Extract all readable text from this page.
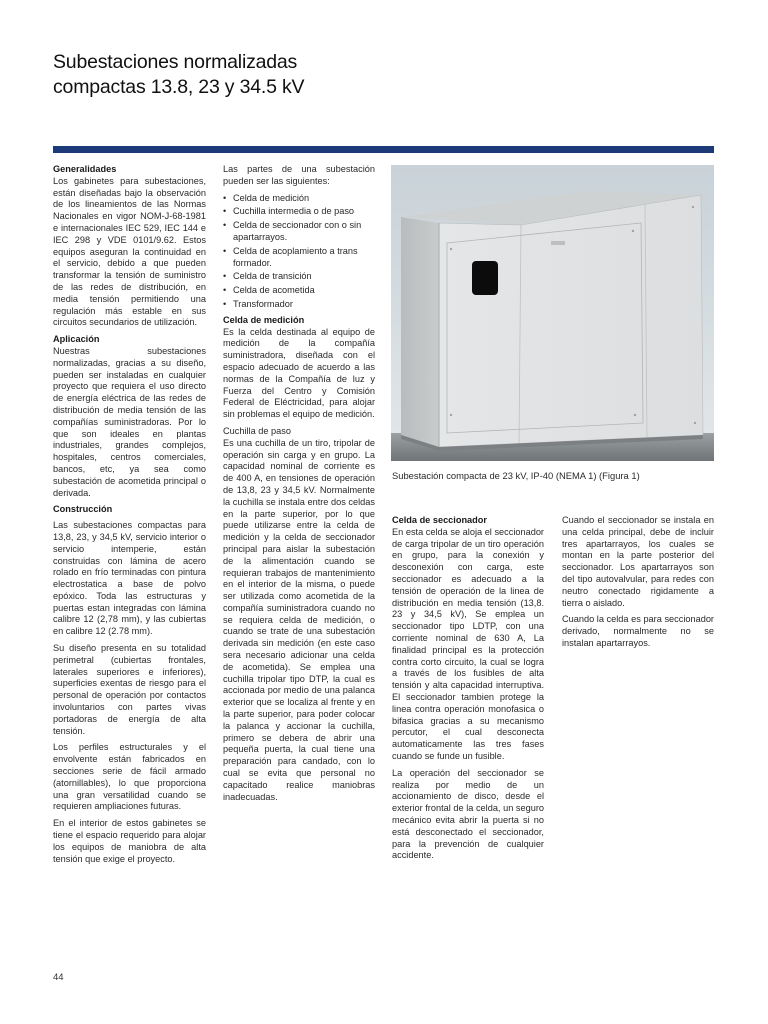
Subestaciones normalizadas
compactas 13.8, 23 y 34.5 kV
Generalidades

Los gabinetes para subestaciones, están diseñadas bajo la observación de los lineamientos de las Normas Nacionales en vigor NOM-J-68-1981 e internacionales IEC 529, IEC 144 e IEC 298 y VDE 0101/9.62. Estos equipos aseguran la continuidad en el servicio, debido a que pueden transformar la tensión de suministro de las redes de distribución, en media tensión permitiendo una regulación más estable en sus circuitos secundarios de utilización.

Aplicación

Nuestras subestaciones normalizadas, gracias a su diseño, pueden ser instaladas en cualquier proyecto que requiera el uso directo de energía eléctrica de las redes de distribución de media tensión de las compañías suministradoras. Por lo que son ideales en plantas industriales, grandes complejos, hospitales, centros comerciales, bancos, etc, ya sea como subestación de acometida principal o derivada.

Construcción

Las subestaciones compactas para 13,8, 23, y 34,5 kV, servicio interior o servicio intemperie, están construidas con lámina de acero rolado en frío terminadas con pintura electrostatica a base de polvo epóxico. Toda las estructuras y puertas estan integradas con lámina calibre 12 (2,78 mm), y las cubiertas en calibre 12 (2.78 mm).

Su diseño presenta en su totalidad perimetral (cubiertas frontales, laterales superiores e inferiores), superficies exentas de riesgo para el personal de operación por contactos involuntarios con partes vivas portadoras de energía de alta tensión.

Los perfiles estructurales y el envolvente están fabricados en secciones serie de fácil armado (atornillables), lo que proporciona una gran versatilidad cuando se requieren ampliaciones futuras.

En el interior de estos gabinetes se tiene el espacio requerido para alojar los equipos de maniobra de alta tensión que exige el proyecto.

Las partes de una subestación pueden ser las siguientes:

• Celda de medición
• Cuchilla intermedia o de paso
• Celda de seccionador con o sin apartarrayos.
• Celda de acoplamiento a trans formador.
• Celda de transición
• Celda de acometida
• Transformador
Celda de medición

Es la celda destinada al equipo de medición de la compañía suministradora, diseñada con el espacio adecuado de acuerdo a las normas de la Compañía de luz y Fuerza del Centro y Comisión Federal de Eléctricidad, para alojar sin problemas el equipo de medición.

Cuchilla de paso

Es una cuchilla de un tiro, tripolar de operación sin carga y en grupo. La capacidad nominal de corriente es de 400 A, en tensiones de operación de 13,8, 23 y 34,5 kV. Normalmente la cuchilla se instala entre dos celdas en la parte superior, por lo que puede utilizarse entre la celda de medición y la celda de seccionador principal para aislar la subestación de la alimentación cuando se requieran trabajos de mantenimiento en el interior de la misma, o puede ser utilizada como acometida de la compañía suministradora cuando no se requiera celda de medición, o cuando se trate de una subestación derivada sin medición (en este caso sera necesario adicionar una celda de acometida). Se emplea una cuchilla tripolar tipo DTP, la cual es accionada por medio de una palanca exterior que se localiza al frente y en la parte superior, para poder colocar la palanca y accionar la cuchilla, primero se debera de abrir una pequeña puerta, la cual tiene una preparación para candado, con lo cual se evita que personal no capacitado realice maniobras inadecuadas.

Subestación compacta de 23 kV, IP-40 (NEMA 1) (Figura 1)
Celda de seccionador

En esta celda se aloja el seccionador de carga tripolar de un tiro operación en grupo, para la conexión y desconexión con carga, este seccionador es adecuado a la tensión de operación de la linea de distribución en media tensión (13,8. 23 y 34,5 kV), Se emplea un seccionador tipo LDTP, con una corriente nominal de 630 A, La finalidad principal es la protección contra corto circuito, la cual se logra a través de los fusibles de alta tensión y alta capacidad interruptiva. El seccionador tambien protege la linea contra operación monofasica o bifasica gracias a su mecanismo percutor, el cual desconecta automaticamente las tres fases cuando se funde un fusible.

La operación del seccionador se realiza por medio de un accionamiento de disco, desde el exterior frontal de la celda, un seguro mecánico evita abrir la puerta si no está desconectado el seccionador, para la prevención de cualquier accidente.

Cuando el seccionador se instala en una celda principal, debe de incluir tres apartarrayos, los cuales se montan en la parte posterior del seccionador. Los apartarrayos son del tipo autovalvular, para redes con neutro conectado rigidamente a tierra o aislado.

Cuando la celda es para seccionador derivado, normalmente no se instalan apartarrayos.

44
